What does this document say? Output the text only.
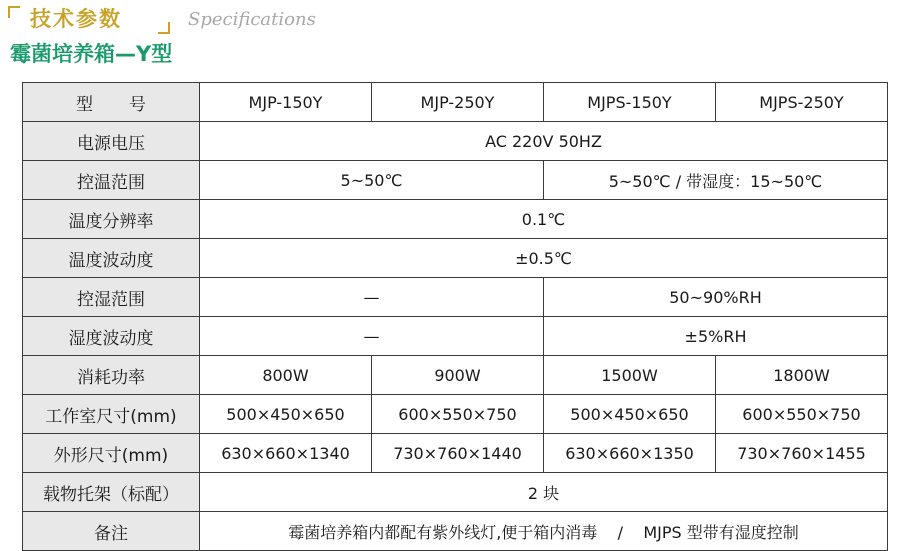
技术参数	Specifications
霉菌培养箱—Y型
型 号	MJP-150Y	MJP-250Y	MJPS-150Y	MJPS-250Y
电源电压	AC 220V 50HZ			
控温范围	5~50℃		5~50℃ / 带湿度：15~50℃	
温度分辨率	0.1℃			
温度波动度	±0.5℃			
控湿范围	—		50~90%RH	
湿度波动度	—		±5%RH	
消耗功率	800W	900W	1500W	1800W
工作室尺寸(mm)	500×450×650	600×550×750	500×450×650	600×550×750
外形尺寸(mm)	630×660×1340	730×760×1440	630×660×1350	730×760×1455
载物托架（标配）	2 块			
备注	霉菌培养箱内都配有紫外线灯,便于箱内消毒    /    MJPS 型带有湿度控制			
